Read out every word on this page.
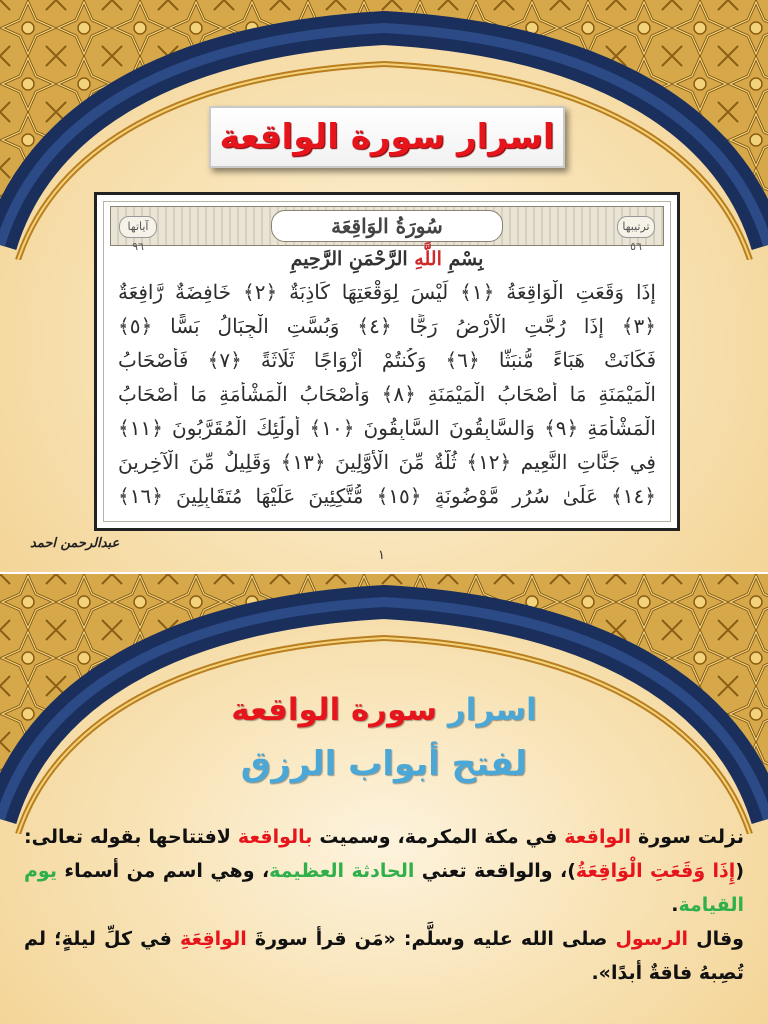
اسرار سورة الواقعة
آياتها ٩٦
سُورَةُ الوَاقِعَة	ترتيبها ٥٦
بِسْمِ اللَّهِ الرَّحْمَنِ الرَّحِيمِ
إِذَا وَقَعَتِ الْوَاقِعَةُ ﴿١﴾ لَيْسَ لِوَقْعَتِهَا كَاذِبَةٌ ﴿٢﴾ خَافِضَةٌ رَّافِعَةٌ
﴿٣﴾ إِذَا رُجَّتِ الْأَرْضُ رَجًّا ﴿٤﴾ وَبُسَّتِ الْجِبَالُ بَسًّا ﴿٥﴾
فَكَانَتْ هَبَاءً مُّنبَثًّا ﴿٦﴾ وَكُنتُمْ أَزْوَاجًا ثَلَاثَةً ﴿٧﴾ فَأَصْحَابُ
الْمَيْمَنَةِ مَا أَصْحَابُ الْمَيْمَنَةِ ﴿٨﴾ وَأَصْحَابُ الْمَشْأَمَةِ مَا أَصْحَابُ
الْمَشْأَمَةِ ﴿٩﴾ وَالسَّابِقُونَ السَّابِقُونَ ﴿١٠﴾ أُولَٰئِكَ الْمُقَرَّبُونَ ﴿١١﴾
فِي جَنَّاتِ النَّعِيمِ ﴿١٢﴾ ثُلَّةٌ مِّنَ الْأَوَّلِينَ ﴿١٣﴾ وَقَلِيلٌ مِّنَ الْآخِرِينَ
﴿١٤﴾ عَلَىٰ سُرُرٍ مَّوْضُونَةٍ ﴿١٥﴾ مُّتَّكِئِينَ عَلَيْهَا مُتَقَابِلِينَ ﴿١٦﴾
عبدالرحمن احمد
١
اسرار سورة الواقعة
لفتح أبواب الرزق

نزلت سورة الواقعة في مكة المكرمة، وسميت بالواقعة لافتتاحها بقوله تعالى: (إِذَا وَقَعَتِ الْوَاقِعَةُ)، والواقعة تعني الحادثة العظيمة، وهي اسم من أسماء يوم القيامة.

وقال الرسول صلى الله عليه وسلَّم: «مَن قرأ سورةَ الواقِعَةِ في كلِّ ليلةٍ؛ لم تُصِبهُ فاقةٌ أبدًا».
